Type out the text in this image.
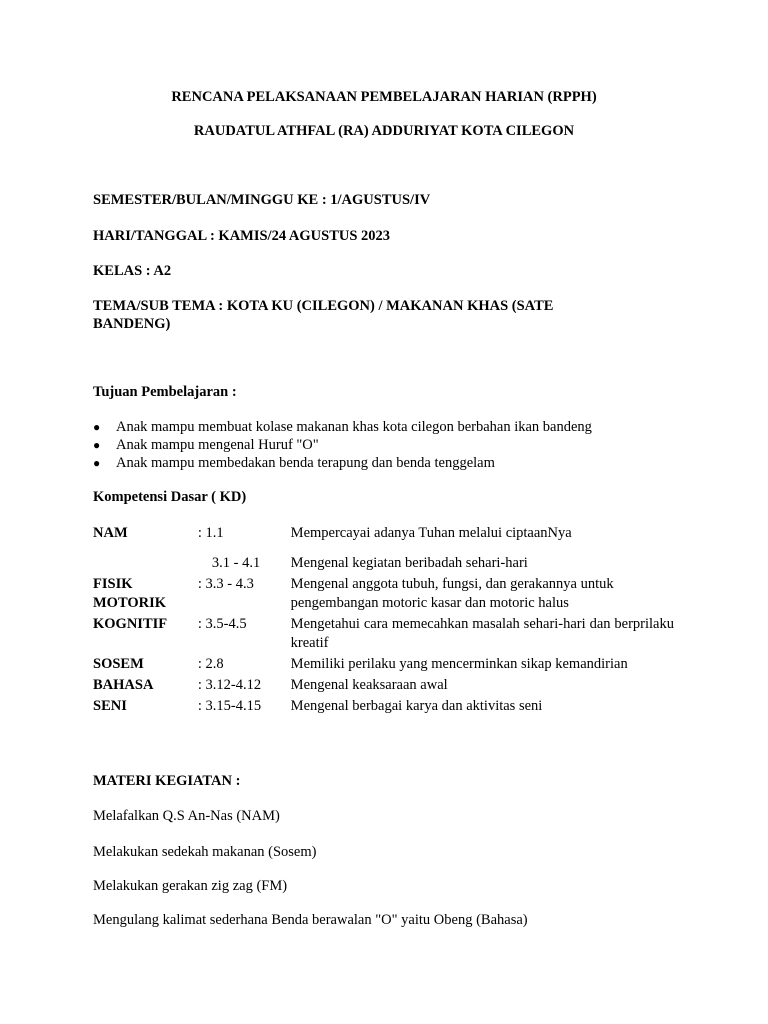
RENCANA PELAKSANAAN PEMBELAJARAN HARIAN (RPPH)
RAUDATUL ATHFAL (RA) ADDURIYAT KOTA CILEGON
SEMESTER/BULAN/MINGGU KE : 1/AGUSTUS/IV
HARI/TANGGAL : KAMIS/24 AGUSTUS 2023
KELAS : A2
TEMA/SUB TEMA : KOTA KU (CILEGON) / MAKANAN KHAS (SATE BANDENG)
Tujuan Pembelajaran :
● Anak mampu membuat kolase makanan khas kota cilegon berbahan ikan bandeng
● Anak mampu mengenal Huruf "O"
● Anak mampu membedakan benda terapung dan benda tenggelam
Kompetensi Dasar ( KD)
NAM	: 1.1	Mempercayai adanya Tuhan melalui ciptaanNya
	3.1 - 4.1	Mengenal kegiatan beribadah sehari-hari
FISIK MOTORIK	: 3.3 - 4.3	Mengenal anggota tubuh, fungsi, dan gerakannya untuk pengembangan motoric kasar dan motoric halus
KOGNITIF	: 3.5-4.5	Mengetahui cara memecahkan masalah sehari-hari dan berprilaku kreatif
SOSEM	: 2.8	Memiliki perilaku yang mencerminkan sikap kemandirian
BAHASA	: 3.12-4.12	Mengenal keaksaraan awal
SENI	: 3.15-4.15	Mengenal berbagai karya dan aktivitas seni
MATERI KEGIATAN :
Melafalkan Q.S An-Nas (NAM)
Melakukan sedekah makanan (Sosem)
Melakukan gerakan zig zag (FM)
Mengulang kalimat sederhana Benda berawalan "O" yaitu Obeng (Bahasa)
